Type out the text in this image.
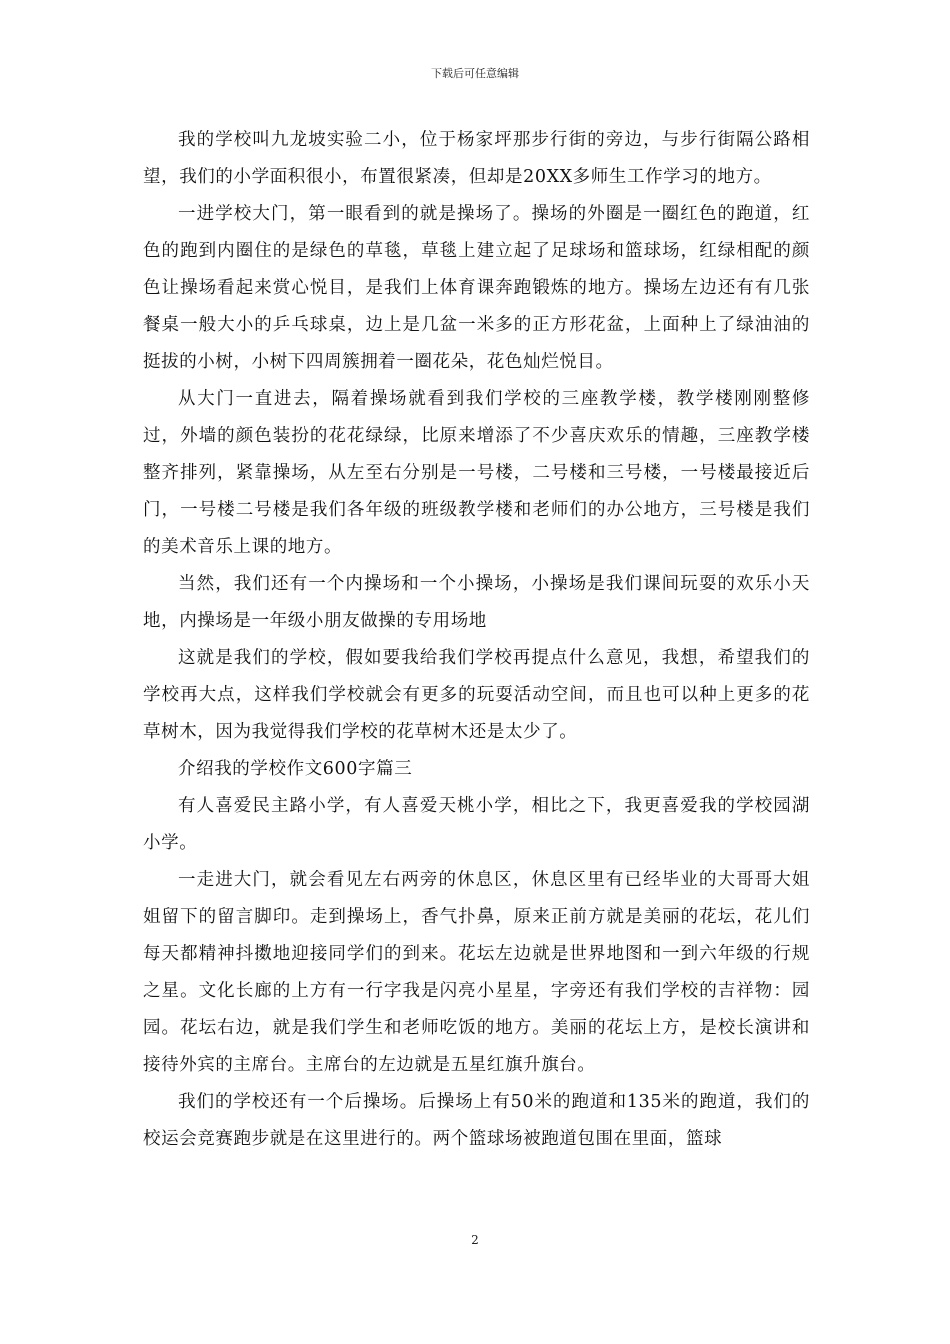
下载后可任意编辑

我的学校叫九龙坡实验二小，位于杨家坪那步行街的旁边，与步行街隔公路相望，我们的小学面积很小，布置很紧凑，但却是20XX多师生工作学习的地方。

一进学校大门，第一眼看到的就是操场了。操场的外圈是一圈红色的跑道，红色的跑到内圈住的是绿色的草毯，草毯上建立起了足球场和篮球场，红绿相配的颜色让操场看起来赏心悦目，是我们上体育课奔跑锻炼的地方。操场左边还有有几张餐桌一般大小的乒乓球桌，边上是几盆一米多的正方形花盆，上面种上了绿油油的挺拔的小树，小树下四周簇拥着一圈花朵，花色灿烂悦目。

从大门一直进去，隔着操场就看到我们学校的三座教学楼，教学楼刚刚整修过，外墙的颜色装扮的花花绿绿，比原来增添了不少喜庆欢乐的情趣，三座教学楼整齐排列，紧靠操场，从左至右分别是一号楼，二号楼和三号楼，一号楼最接近后门，一号楼二号楼是我们各年级的班级教学楼和老师们的办公地方，三号楼是我们的美术音乐上课的地方。

当然，我们还有一个内操场和一个小操场，小操场是我们课间玩耍的欢乐小天地，内操场是一年级小朋友做操的专用场地

这就是我们的学校，假如要我给我们学校再提点什么意见，我想，希望我们的学校再大点，这样我们学校就会有更多的玩耍活动空间，而且也可以种上更多的花草树木，因为我觉得我们学校的花草树木还是太少了。

介绍我的学校作文600字篇三

有人喜爱民主路小学，有人喜爱天桃小学，相比之下，我更喜爱我的学校园湖小学。

一走进大门，就会看见左右两旁的休息区，休息区里有已经毕业的大哥哥大姐姐留下的留言脚印。走到操场上，香气扑鼻，原来正前方就是美丽的花坛，花儿们每天都精神抖擞地迎接同学们的到来。花坛左边就是世界地图和一到六年级的行规之星。文化长廊的上方有一行字我是闪亮小星星，字旁还有我们学校的吉祥物：园园。花坛右边，就是我们学生和老师吃饭的地方。美丽的花坛上方，是校长演讲和接待外宾的主席台。主席台的左边就是五星红旗升旗台。

我们的学校还有一个后操场。后操场上有50米的跑道和135米的跑道，我们的校运会竞赛跑步就是在这里进行的。两个篮球场被跑道包围在里面，篮球

2
